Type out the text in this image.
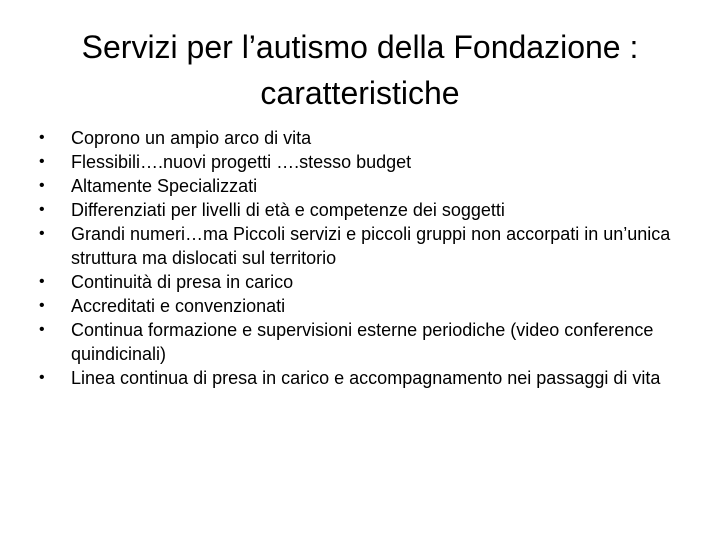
Servizi per l’autismo della Fondazione : caratteristiche
•	Coprono un ampio arco di vita
•	Flessibili….nuovi progetti ….stesso budget
•	Altamente Specializzati
•	Differenziati per livelli di età e competenze dei soggetti
•	Grandi numeri…ma Piccoli servizi e piccoli gruppi non accorpati in un’unica struttura ma dislocati sul territorio
•	Continuità di presa in carico
•	Accreditati e convenzionati
•	Continua formazione e supervisioni esterne periodiche (video conference quindicinali)
•	Linea continua di presa in carico e accompagnamento nei passaggi di vita
